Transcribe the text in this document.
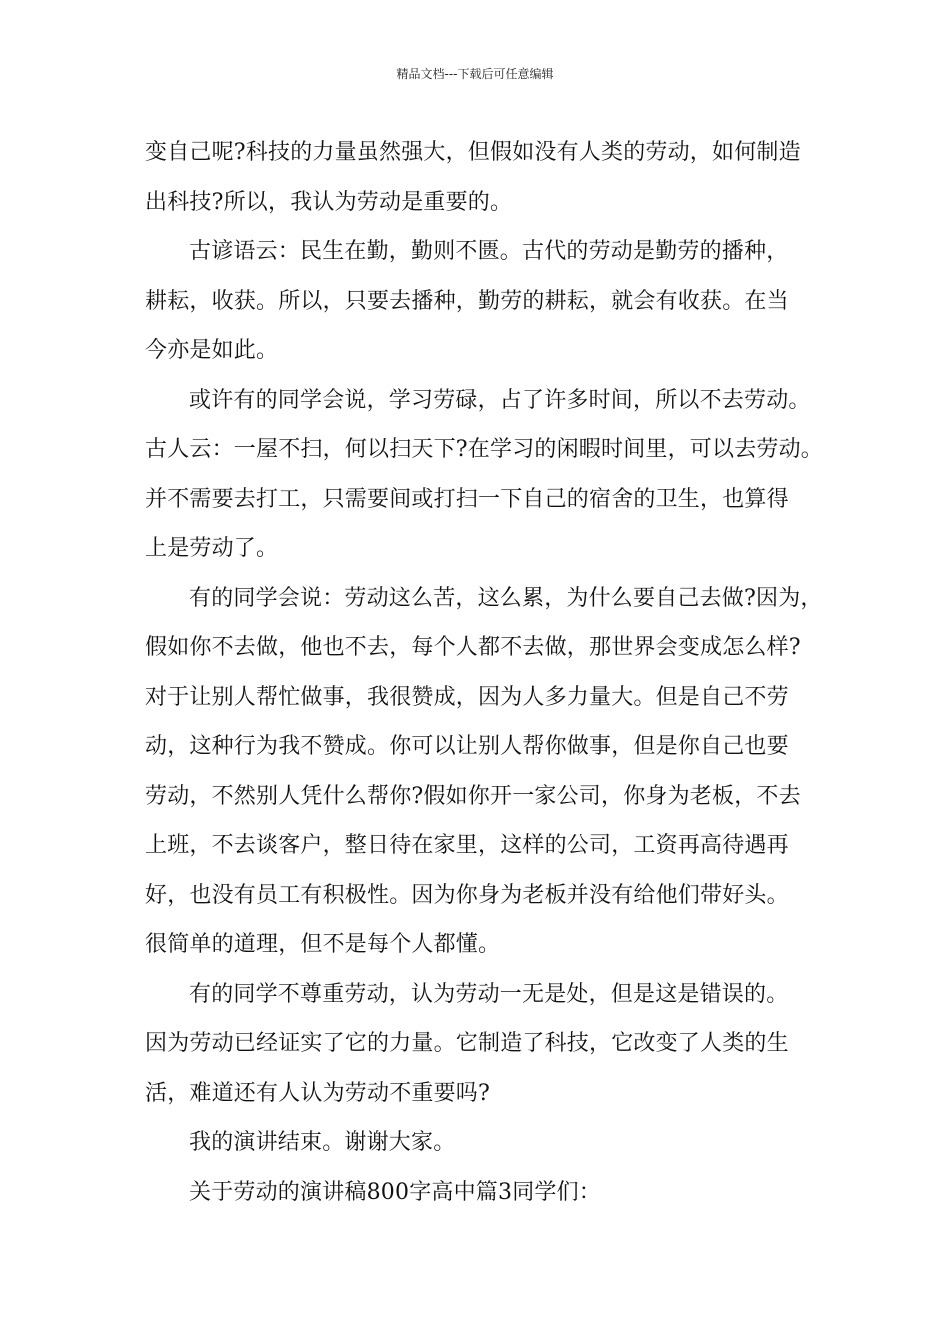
精品文档---下载后可任意编辑
变自己呢?科技的力量虽然强大，但假如没有人类的劳动，如何制造
出科技?所以，我认为劳动是重要的。
古谚语云：民生在勤，勤则不匮。古代的劳动是勤劳的播种，
耕耘，收获。所以，只要去播种，勤劳的耕耘，就会有收获。在当
今亦是如此。
或许有的同学会说，学习劳碌，占了许多时间，所以不去劳动。
古人云：一屋不扫，何以扫天下?在学习的闲暇时间里，可以去劳动。
并不需要去打工，只需要间或打扫一下自己的宿舍的卫生，也算得
上是劳动了。
有的同学会说：劳动这么苦，这么累，为什么要自己去做?因为，
假如你不去做，他也不去，每个人都不去做，那世界会变成怎么样?
对于让别人帮忙做事，我很赞成，因为人多力量大。但是自己不劳
动，这种行为我不赞成。你可以让别人帮你做事，但是你自己也要
劳动，不然别人凭什么帮你?假如你开一家公司，你身为老板，不去
上班，不去谈客户，整日待在家里，这样的公司，工资再高待遇再
好，也没有员工有积极性。因为你身为老板并没有给他们带好头。
很简单的道理，但不是每个人都懂。
有的同学不尊重劳动，认为劳动一无是处，但是这是错误的。
因为劳动已经证实了它的力量。它制造了科技，它改变了人类的生
活，难道还有人认为劳动不重要吗?
我的演讲结束。谢谢大家。
关于劳动的演讲稿800字高中篇3同学们：
